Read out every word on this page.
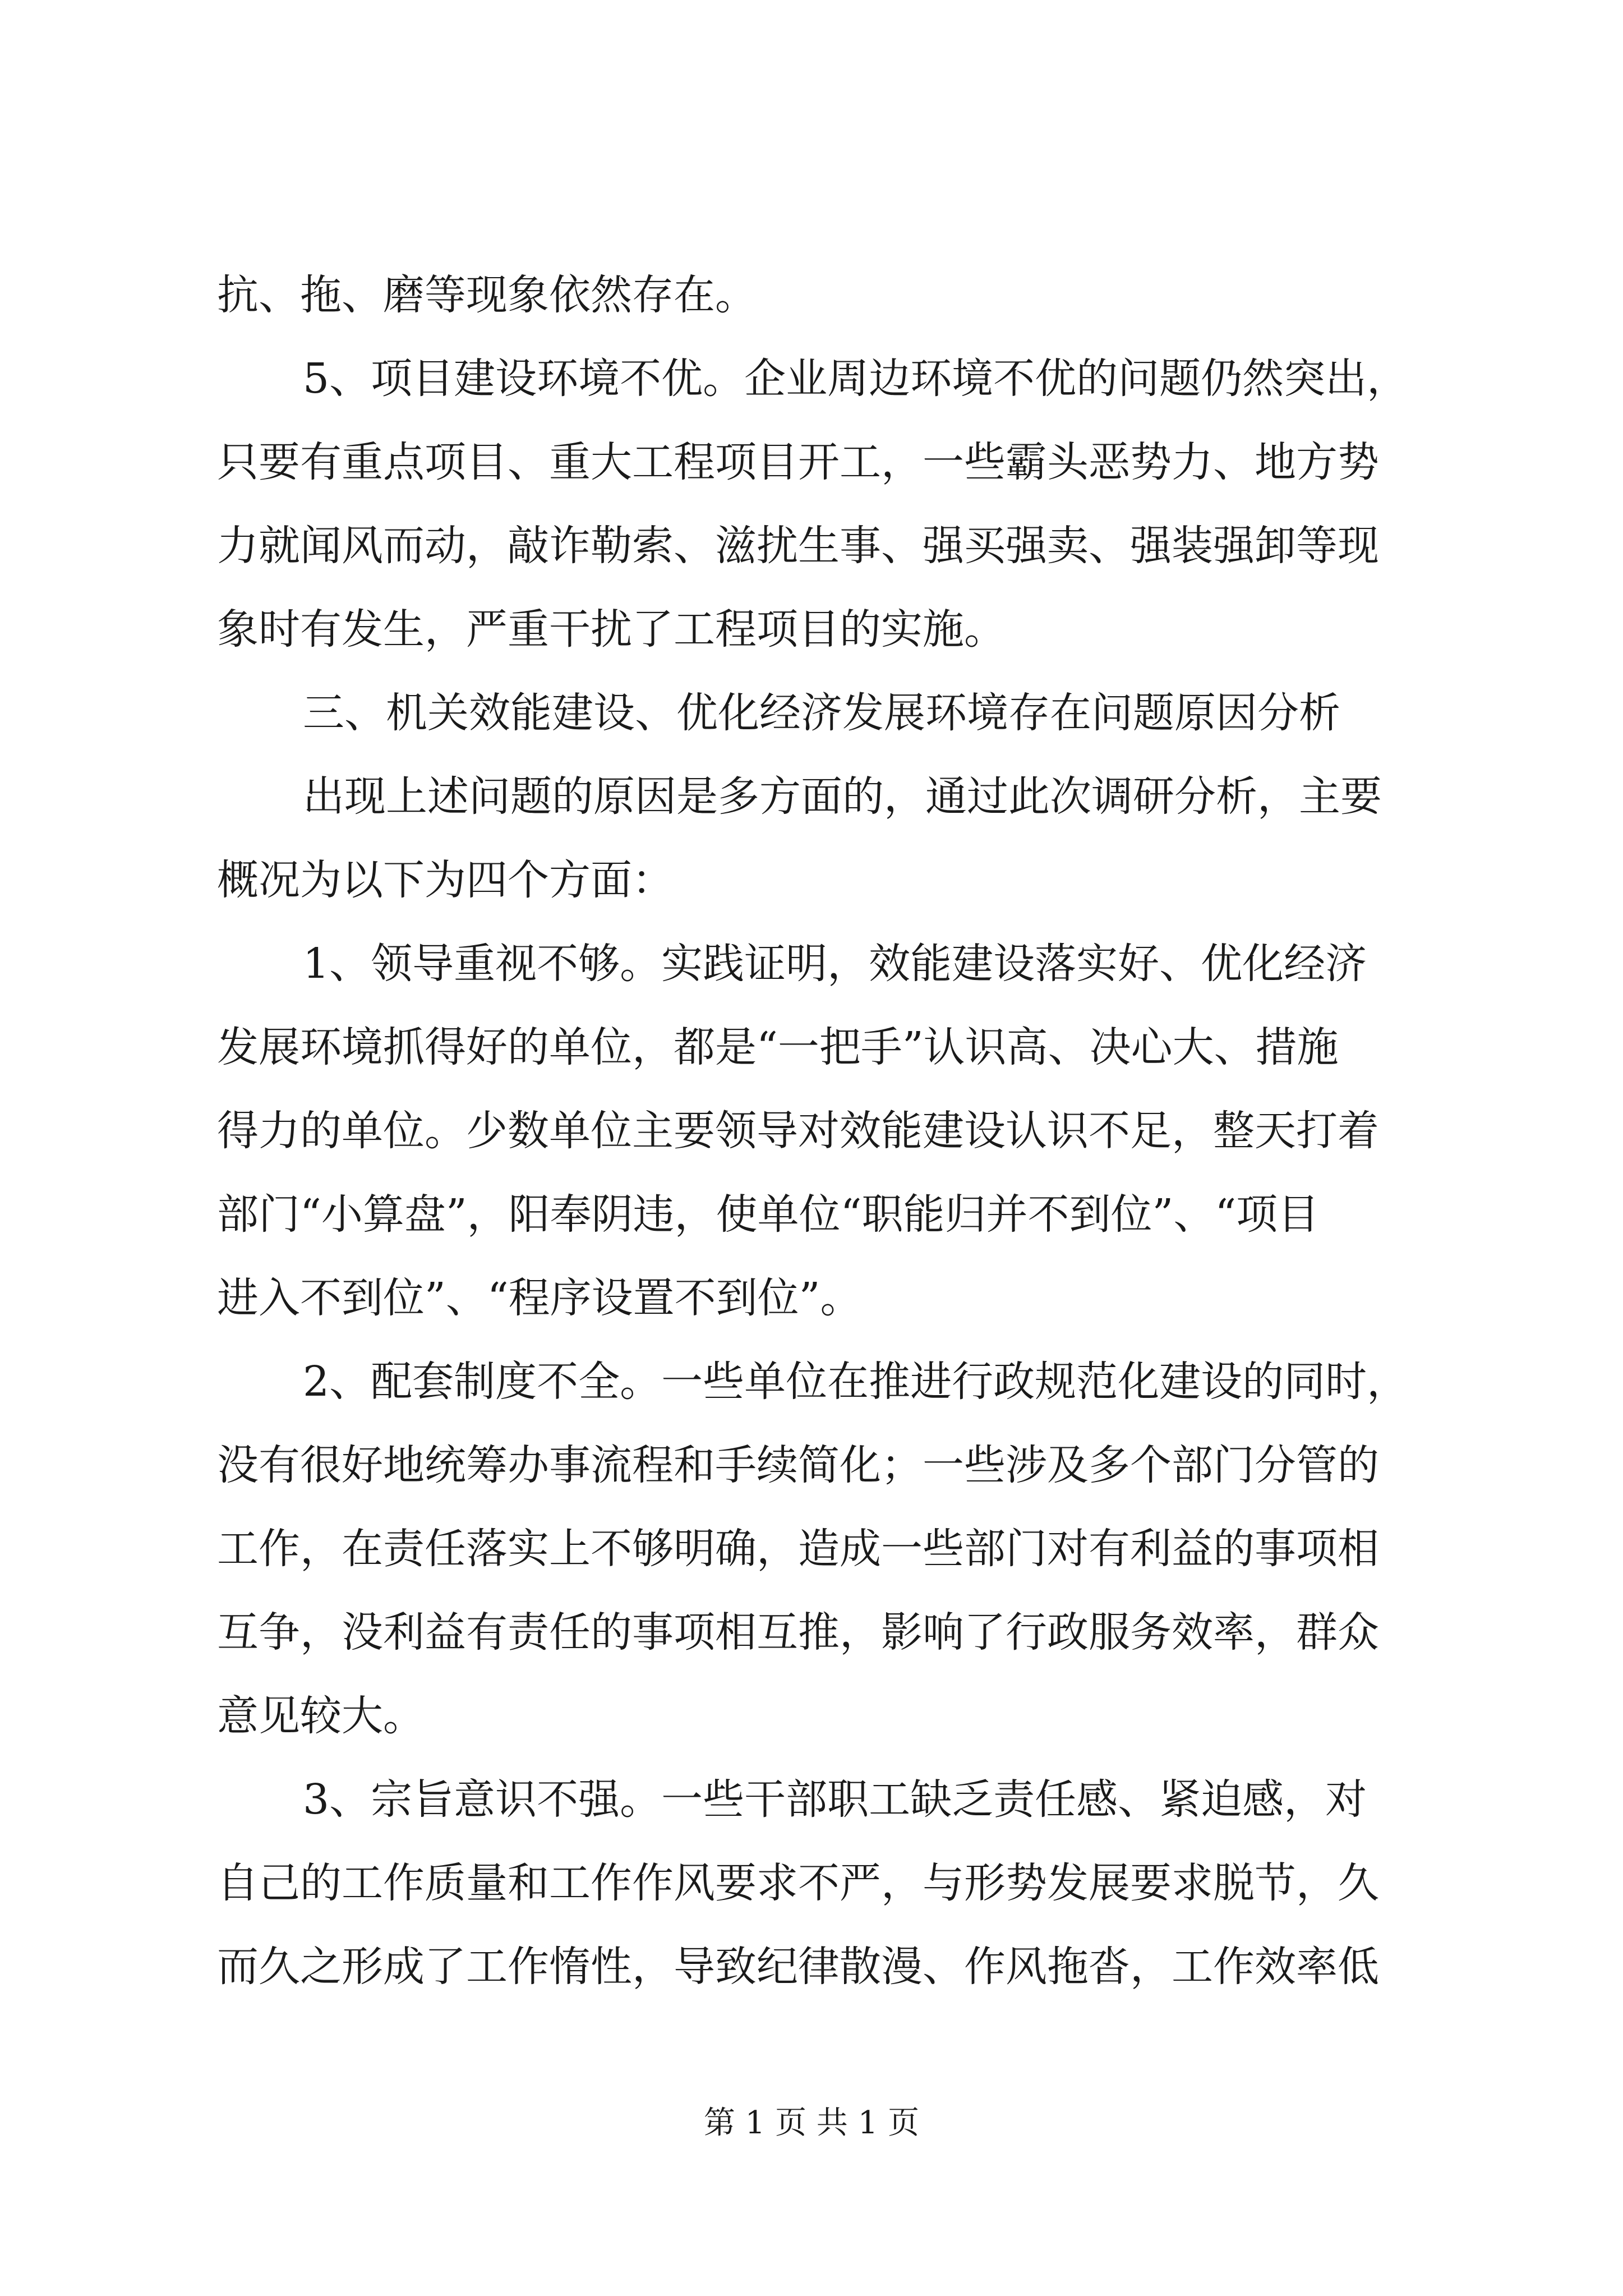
抗、拖、磨等现象依然存在。
5、项目建设环境不优。企业周边环境不优的问题仍然突出，
只要有重点项目、重大工程项目开工，一些霸头恶势力、地方势
力就闻风而动，敲诈勒索、滋扰生事、强买强卖、强装强卸等现
象时有发生，严重干扰了工程项目的实施。
三、机关效能建设、优化经济发展环境存在问题原因分析
出现上述问题的原因是多方面的，通过此次调研分析，主要
概况为以下为四个方面：
1、领导重视不够。实践证明，效能建设落实好、优化经济
发展环境抓得好的单位，都是“一把手”认识高、决心大、措施
得力的单位。少数单位主要领导对效能建设认识不足，整天打着
部门“小算盘”，阳奉阴违，使单位“职能归并不到位”、“项目
进入不到位”、“程序设置不到位”。
2、配套制度不全。一些单位在推进行政规范化建设的同时，
没有很好地统筹办事流程和手续简化；一些涉及多个部门分管的
工作，在责任落实上不够明确，造成一些部门对有利益的事项相
互争，没利益有责任的事项相互推，影响了行政服务效率，群众
意见较大。
3、宗旨意识不强。一些干部职工缺乏责任感、紧迫感，对
自己的工作质量和工作作风要求不严，与形势发展要求脱节，久
而久之形成了工作惰性，导致纪律散漫、作风拖沓，工作效率低
第 1 页 共 1 页
